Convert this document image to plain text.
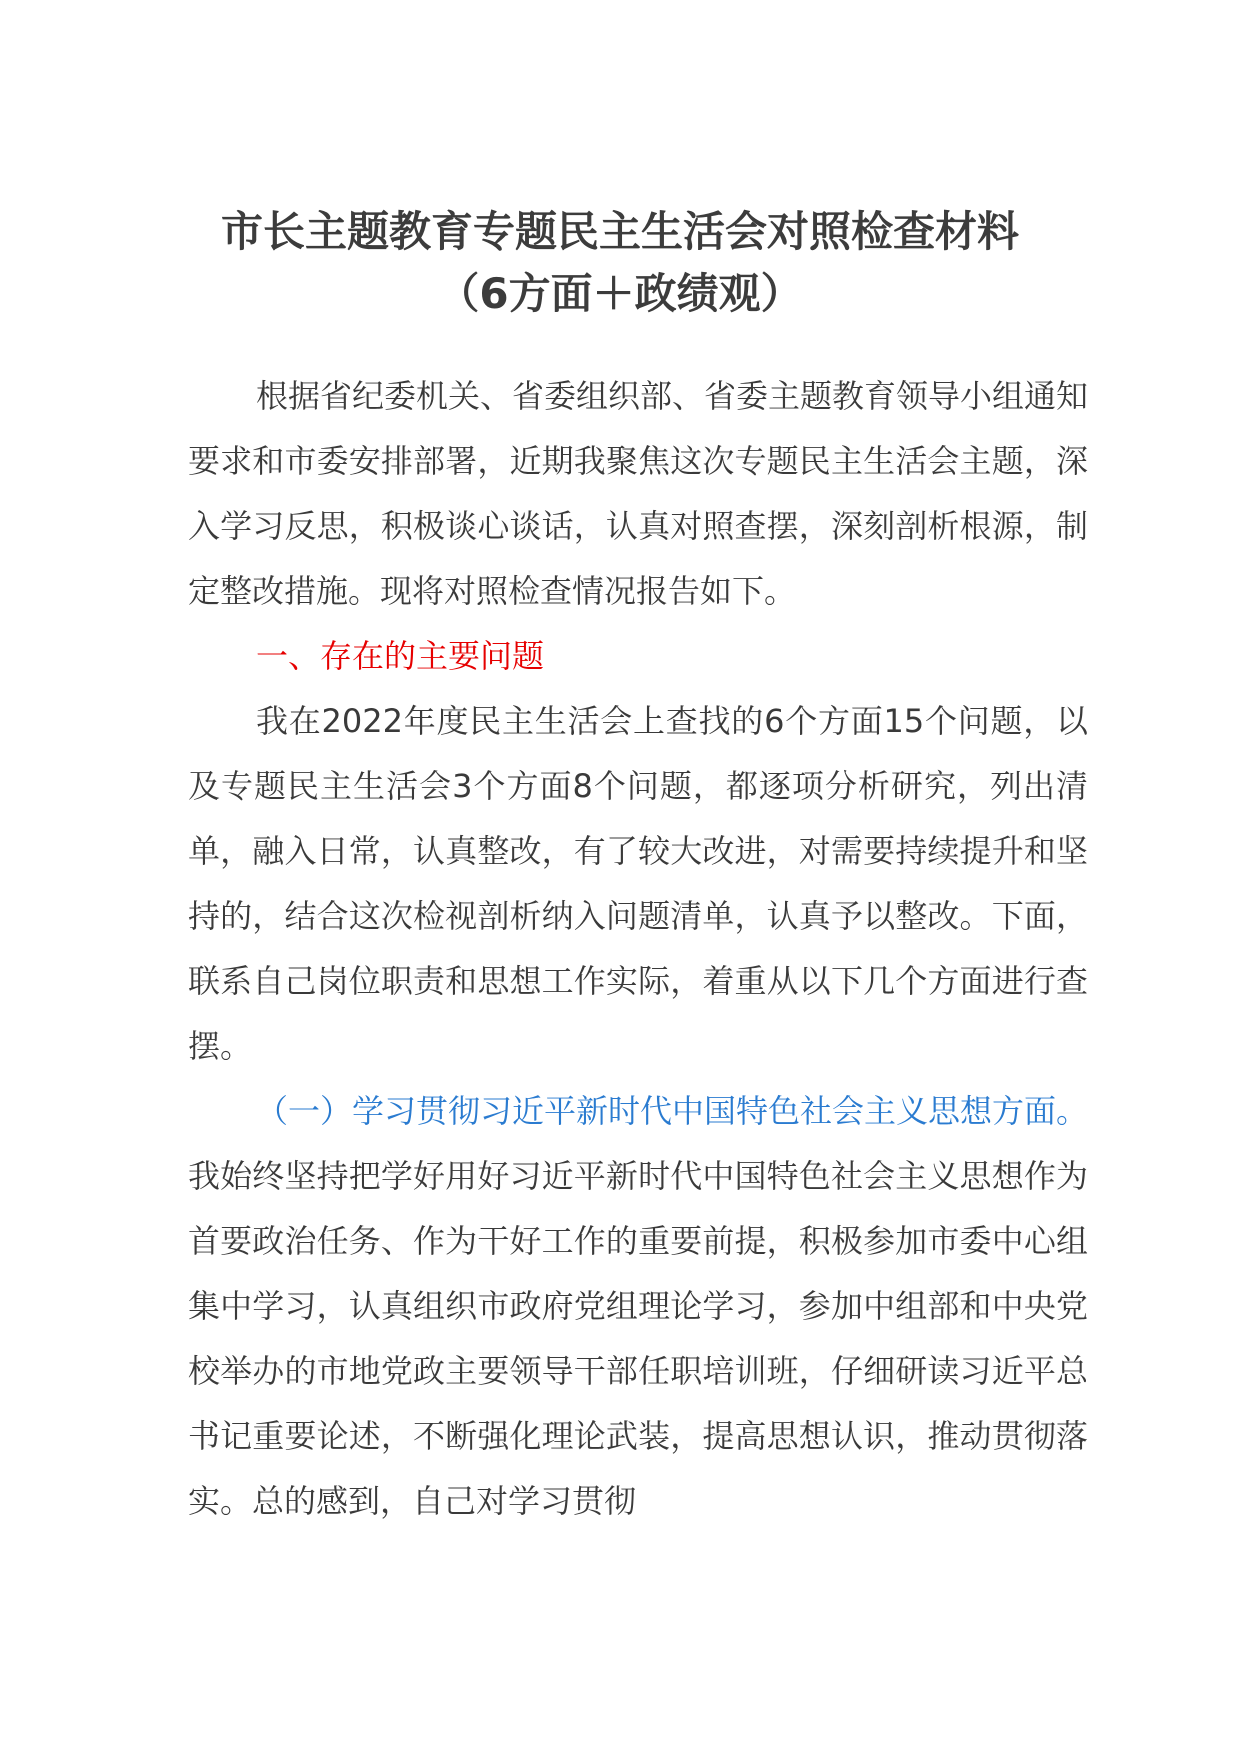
市长主题教育专题民主生活会对照检查材料
（6方面＋政绩观）

根据省纪委机关、省委组织部、省委主题教育领导小组通知要求和市委安排部署，近期我聚焦这次专题民主生活会主题，深入学习反思，积极谈心谈话，认真对照查摆，深刻剖析根源，制定整改措施。现将对照检查情况报告如下。

一、存在的主要问题

我在2022年度民主生活会上查找的6个方面15个问题，以及专题民主生活会3个方面8个问题，都逐项分析研究，列出清单，融入日常，认真整改，有了较大改进，对需要持续提升和坚持的，结合这次检视剖析纳入问题清单，认真予以整改。下面，联系自己岗位职责和思想工作实际，着重从以下几个方面进行查摆。

（一）学习贯彻习近平新时代中国特色社会主义思想方面。我始终坚持把学好用好习近平新时代中国特色社会主义思想作为首要政治任务、作为干好工作的重要前提，积极参加市委中心组集中学习，认真组织市政府党组理论学习，参加中组部和中央党校举办的市地党政主要领导干部任职培训班，仔细研读习近平总书记重要论述，不断强化理论武装，提高思想认识，推动贯彻落实。总的感到，自己对学习贯彻
